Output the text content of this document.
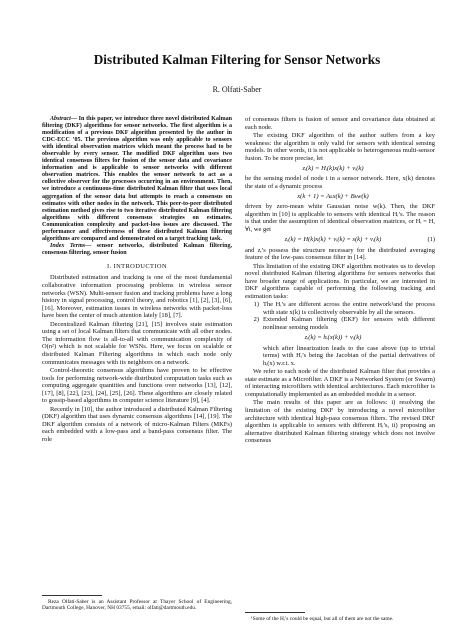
Distributed Kalman Filtering for Sensor Networks
R. Olfati-Saber

Abstract— In this paper, we introduce three novel distributed Kalman filtering (DKF) algorithms for sensor networks. The first algorithm is a modification of a previous DKF algorithm presented by the author in CDC-ECC ’05. The previous algorithm was only applicable to sensors with identical observation matrices which meant the process had to be observable by every sensor. The modified DKF algorithm uses two identical consensus filters for fusion of the sensor data and covariance information and is applicable to sensor networks with different observation matrices. This enables the sensor network to act as a collective observer for the processes occurring in an environment. Then, we introduce a continuous-time distributed Kalman filter that uses local aggregation of the sensor data but attempts to reach a consensus on estimates with other nodes in the network. This peer-to-peer distributed estimation method gives rise to two iterative distributed Kalman filtering algorithms with different consensus strategies on estimates. Communication complexity and packet-loss issues are discussed. The performance and effectiveness of these distributed Kalman filtering algorithms are compared and demonstrated on a target tracking task.

Index Terms— sensor networks, distributed Kalman filtering, consensus filtering, sensor fusion

I. INTRODUCTION

Distributed estimation and tracking is one of the most fundamental collaborative information processing problems in wireless sensor networks (WSN). Multi-sensor fusion and tracking problems have a long history in signal processing, control theory, and robotics [1], [2], [3], [6], [16]. Moreover, estimation issues in wireless networks with packet-loss have been the center of much attention lately [18], [7].

Decentralized Kalman filtering [21], [15] involves state estimation using a set of local Kalman filters that communicate with all other nodes. The information flow is all-to-all with communication complexity of O(n²) which is not scalable for WSNs. Here, we focus on scalable or distributed Kalman Filtering algorithms in which each node only communicates messages with its neighbors on a network.

Control-theoretic consensus algorithms have proven to be effective tools for performing network-wide distributed computation tasks such as computing aggregate quantities and functions over networks [13], [12], [17], [8], [22], [23], [24], [25], [26]. These algorithms are closely related to gossip-based algorithms in computer science literature [9], [4].

Recently in [10], the author introduced a distributed Kalman Filtering (DKF) algorithm that uses dynamic consensus algorithms [14], [19]. The DKF algorithm consists of a network of micro-Kalman Filters (MKFs) each embedded with a low-pass and a band-pass consensus filter. The role

Reza Olfati-Saber is an Assistant Professor at Thayer School of Engineering, Dartmouth College, Hanover, NH 03755, email: olfati@dartmouth.edu.

of consensus filters is fusion of sensor and covariance data obtained at each node.

The existing DKF algorithm of the author suffers from a key weakness: the algorithm is only valid for sensors with identical sensing models. In other words, it is not applicable to heterogeneous multi-sensor fusion. To be more precise, let

zᵢ(k) = Hᵢ(k)x(k) + vᵢ(k)

be the sensing model of node i in a sensor network. Here, x(k) denotes the state of a dynamic process

x(k + 1) = Aₖx(k) + Bₖw(k)

driven by zero-mean white Gaussian noise w(k). Then, the DKF algorithm in [10] is applicable to sensors with identical Hᵢ’s. The reason is that under the assumption of identical observation matrices, or Hᵢ = H, ∀i, we get

zᵢ(k) = H(k)x(k) + vᵢ(k) = s(k) + vᵢ(k)	(1)

and zᵢ’s possess the structure necessary for the distributed averaging feature of the low-pass consensus filter in [14].

This limitation of the existing DKF algorithm motivates us to develop novel distributed Kalman filtering algorithms for sensors networks that have broader range of applications. In particular, we are interested in DKF algorithms capable of performing the following tracking and estimation tasks:

1) The Hᵢ’s are different across the entire network¹and the process with state x(k) is collectively observable by all the sensors.
2) Extended Kalman filtering (EKF) for sensors with different nonlinear sensing models
zᵢ(k) = hᵢ(x(k)) + vᵢ(k)

which after linearization leads to the case above (up to trivial terms) with Hᵢ’s being the Jacobian of the partial derivatives of hᵢ(x) w.r.t. x.

We refer to each node of the distributed Kalman filter that provides a state estimate as a Microfilter. A DKF is a Networked System (or Swarm) of interacting microfilters with identical architectures. Each microfilter is computationally implemented as an embedded module in a sensor.

The main results of this paper are as follows: i) resolving the limitation of the existing DKF by introducing a novel microfilter architecture with identical high-pass consensus filters. The revised DKF algorithm is applicable to sensors with different Hᵢ’s, ii) proposing an alternative distributed Kalman filtering strategy which does not involve consensus

¹Some of the Hᵢ’s could be equal, but all of them are not the same.
